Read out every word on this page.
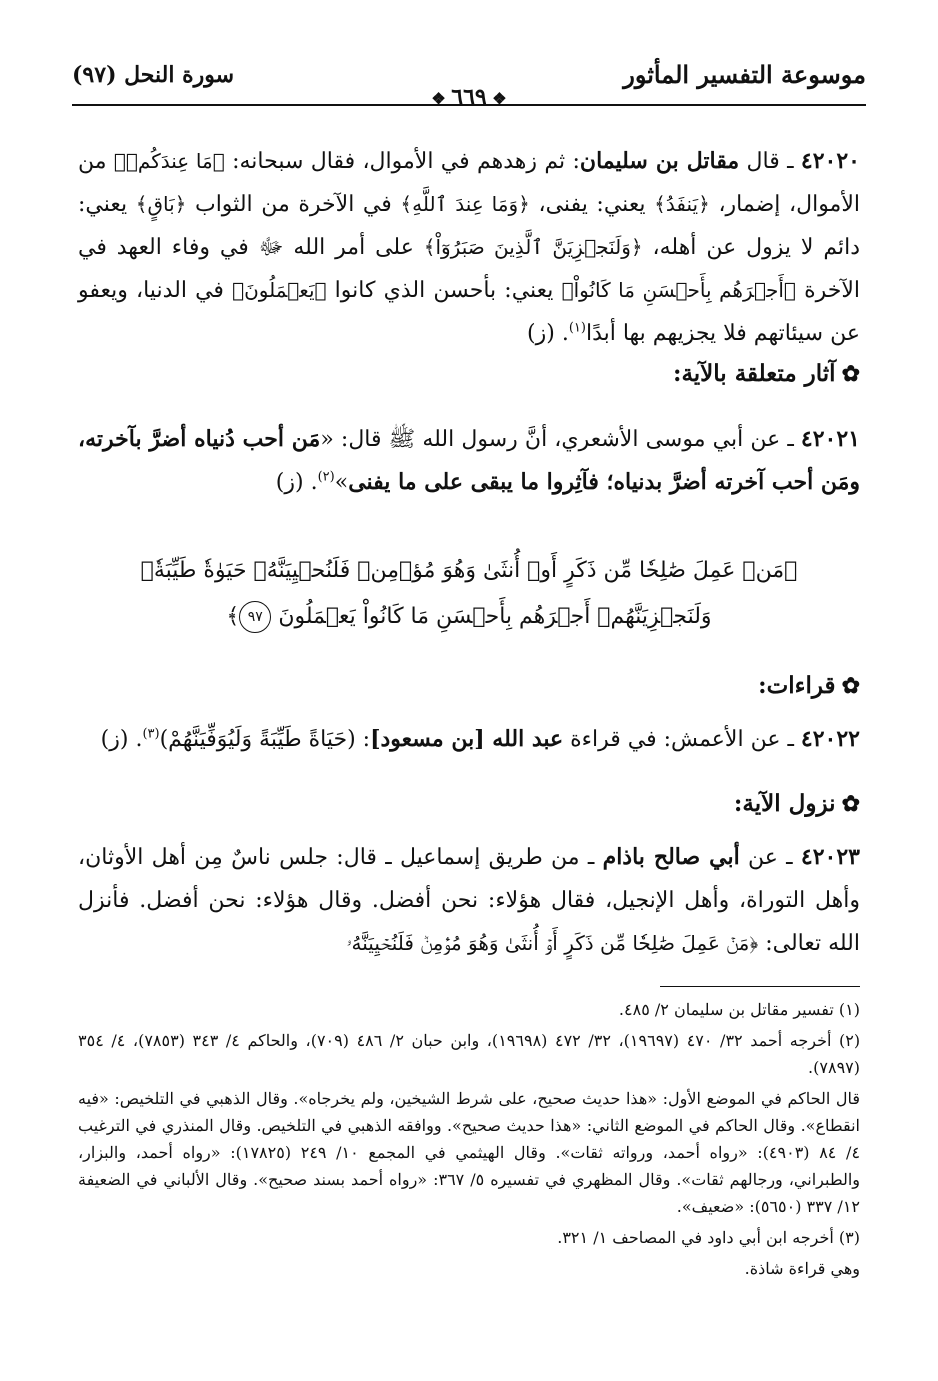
موسوعة التفسير المأثور
❖ ٦٦٩ ❖
سورة النحل (٩٧)
٤٢٠٢٠ ـ قال مقاتل بن سليمان: ثم زهدهم في الأموال، فقال سبحانه: ﴿مَا عِندَكُمۡ﴾ من الأموال، إضمار، ﴿يَنفَدُ﴾ يعني: يفنى، ﴿وَمَا عِندَ ٱللَّهِ﴾ في الآخرة من الثواب ﴿بَاقٍ﴾ يعني: دائم لا يزول عن أهله، ﴿وَلَنَجۡزِيَنَّ ٱلَّذِينَ صَبَرُوٓاْ﴾ على أمر الله ﷻ في وفاء العهد في الآخرة ﴿أَجۡرَهُم بِأَحۡسَنِ مَا كَانُواْ﴾ يعني: بأحسن الذي كانوا ﴿يَعۡمَلُونَ﴾ في الدنيا، ويعفو عن سيئاتهم فلا يجزيهم بها أبدًا$^{(١)}$. (ز)
✿آثار متعلقة بالآية:
٤٢٠٢١ ـ عن أبي موسى الأشعري، أنَّ رسول الله ﷺ قال: «مَن أحب دُنياه أضرَّ بآخرته، ومَن أحب آخرته أضرَّ بدنياه؛ فآثِروا ما يبقى على ما يفنى»$^{(٢)}$. (ز)
﴿مَنۡ عَمِلَ صَٰلِحٗا مِّن ذَكَرٍ أَوۡ أُنثَىٰ وَهُوَ مُؤۡمِنٞ فَلَنُحۡيِيَنَّهُۥ حَيَوٰةٗ طَيِّبَةٗۖ
وَلَنَجۡزِيَنَّهُمۡ أَجۡرَهُم بِأَحۡسَنِ مَا كَانُواْ يَعۡمَلُونَ ٩٧﴾
✿قراءات:
٤٢٠٢٢ ـ عن الأعمش: في قراءة عبد الله [بن مسعود]: (حَيَاةً طَيِّبَةً وَلَيُوَفِّيَنَّهُمْ)$^{(٣)}$. (ز)
✿نزول الآية:
٤٢٠٢٣ ـ عن أبي صالح باذام ـ من طريق إسماعيل ـ قال: جلس ناسٌ مِن أهل الأوثان، وأهل التوراة، وأهل الإنجيل، فقال هؤلاء: نحن أفضل. وقال هؤلاء: نحن أفضل. فأنزل الله تعالى: ﴿مَنۡ عَمِلَ صَٰلِحٗا مِّن ذَكَرٍ أَوۡ أُنثَىٰ وَهُوَ مُؤۡمِنٞ فَلَنُحۡيِيَنَّهُۥ

(١) تفسير مقاتل بن سليمان ٢/ ٤٨٥.

(٢) أخرجه أحمد ٣٢/ ٤٧٠ (١٩٦٩٧)، ٣٢/ ٤٧٢ (١٩٦٩٨)، وابن حبان ٢/ ٤٨٦ (٧٠٩)، والحاكم ٤/ ٣٤٣ (٧٨٥٣)، ٤/ ٣٥٤ (٧٨٩٧).

قال الحاكم في الموضع الأول: «هذا حديث صحيح، على شرط الشيخين، ولم يخرجاه». وقال الذهبي في التلخيص: «فيه انقطاع». وقال الحاكم في الموضع الثاني: «هذا حديث صحيح». ووافقه الذهبي في التلخيص. وقال المنذري في الترغيب ٤/ ٨٤ (٤٩٠٣): «رواه أحمد، ورواته ثقات». وقال الهيثمي في المجمع ١٠/ ٢٤٩ (١٧٨٢٥): «رواه أحمد، والبزار، والطبراني، ورجالهم ثقات». وقال المظهري في تفسيره ٥/ ٣٦٧: «رواه أحمد بسند صحيح». وقال الألباني في الضعيفة ١٢/ ٣٣٧ (٥٦٥٠): «ضعيف».

(٣) أخرجه ابن أبي داود في المصاحف ١/ ٣٢١.

وهي قراءة شاذة.
